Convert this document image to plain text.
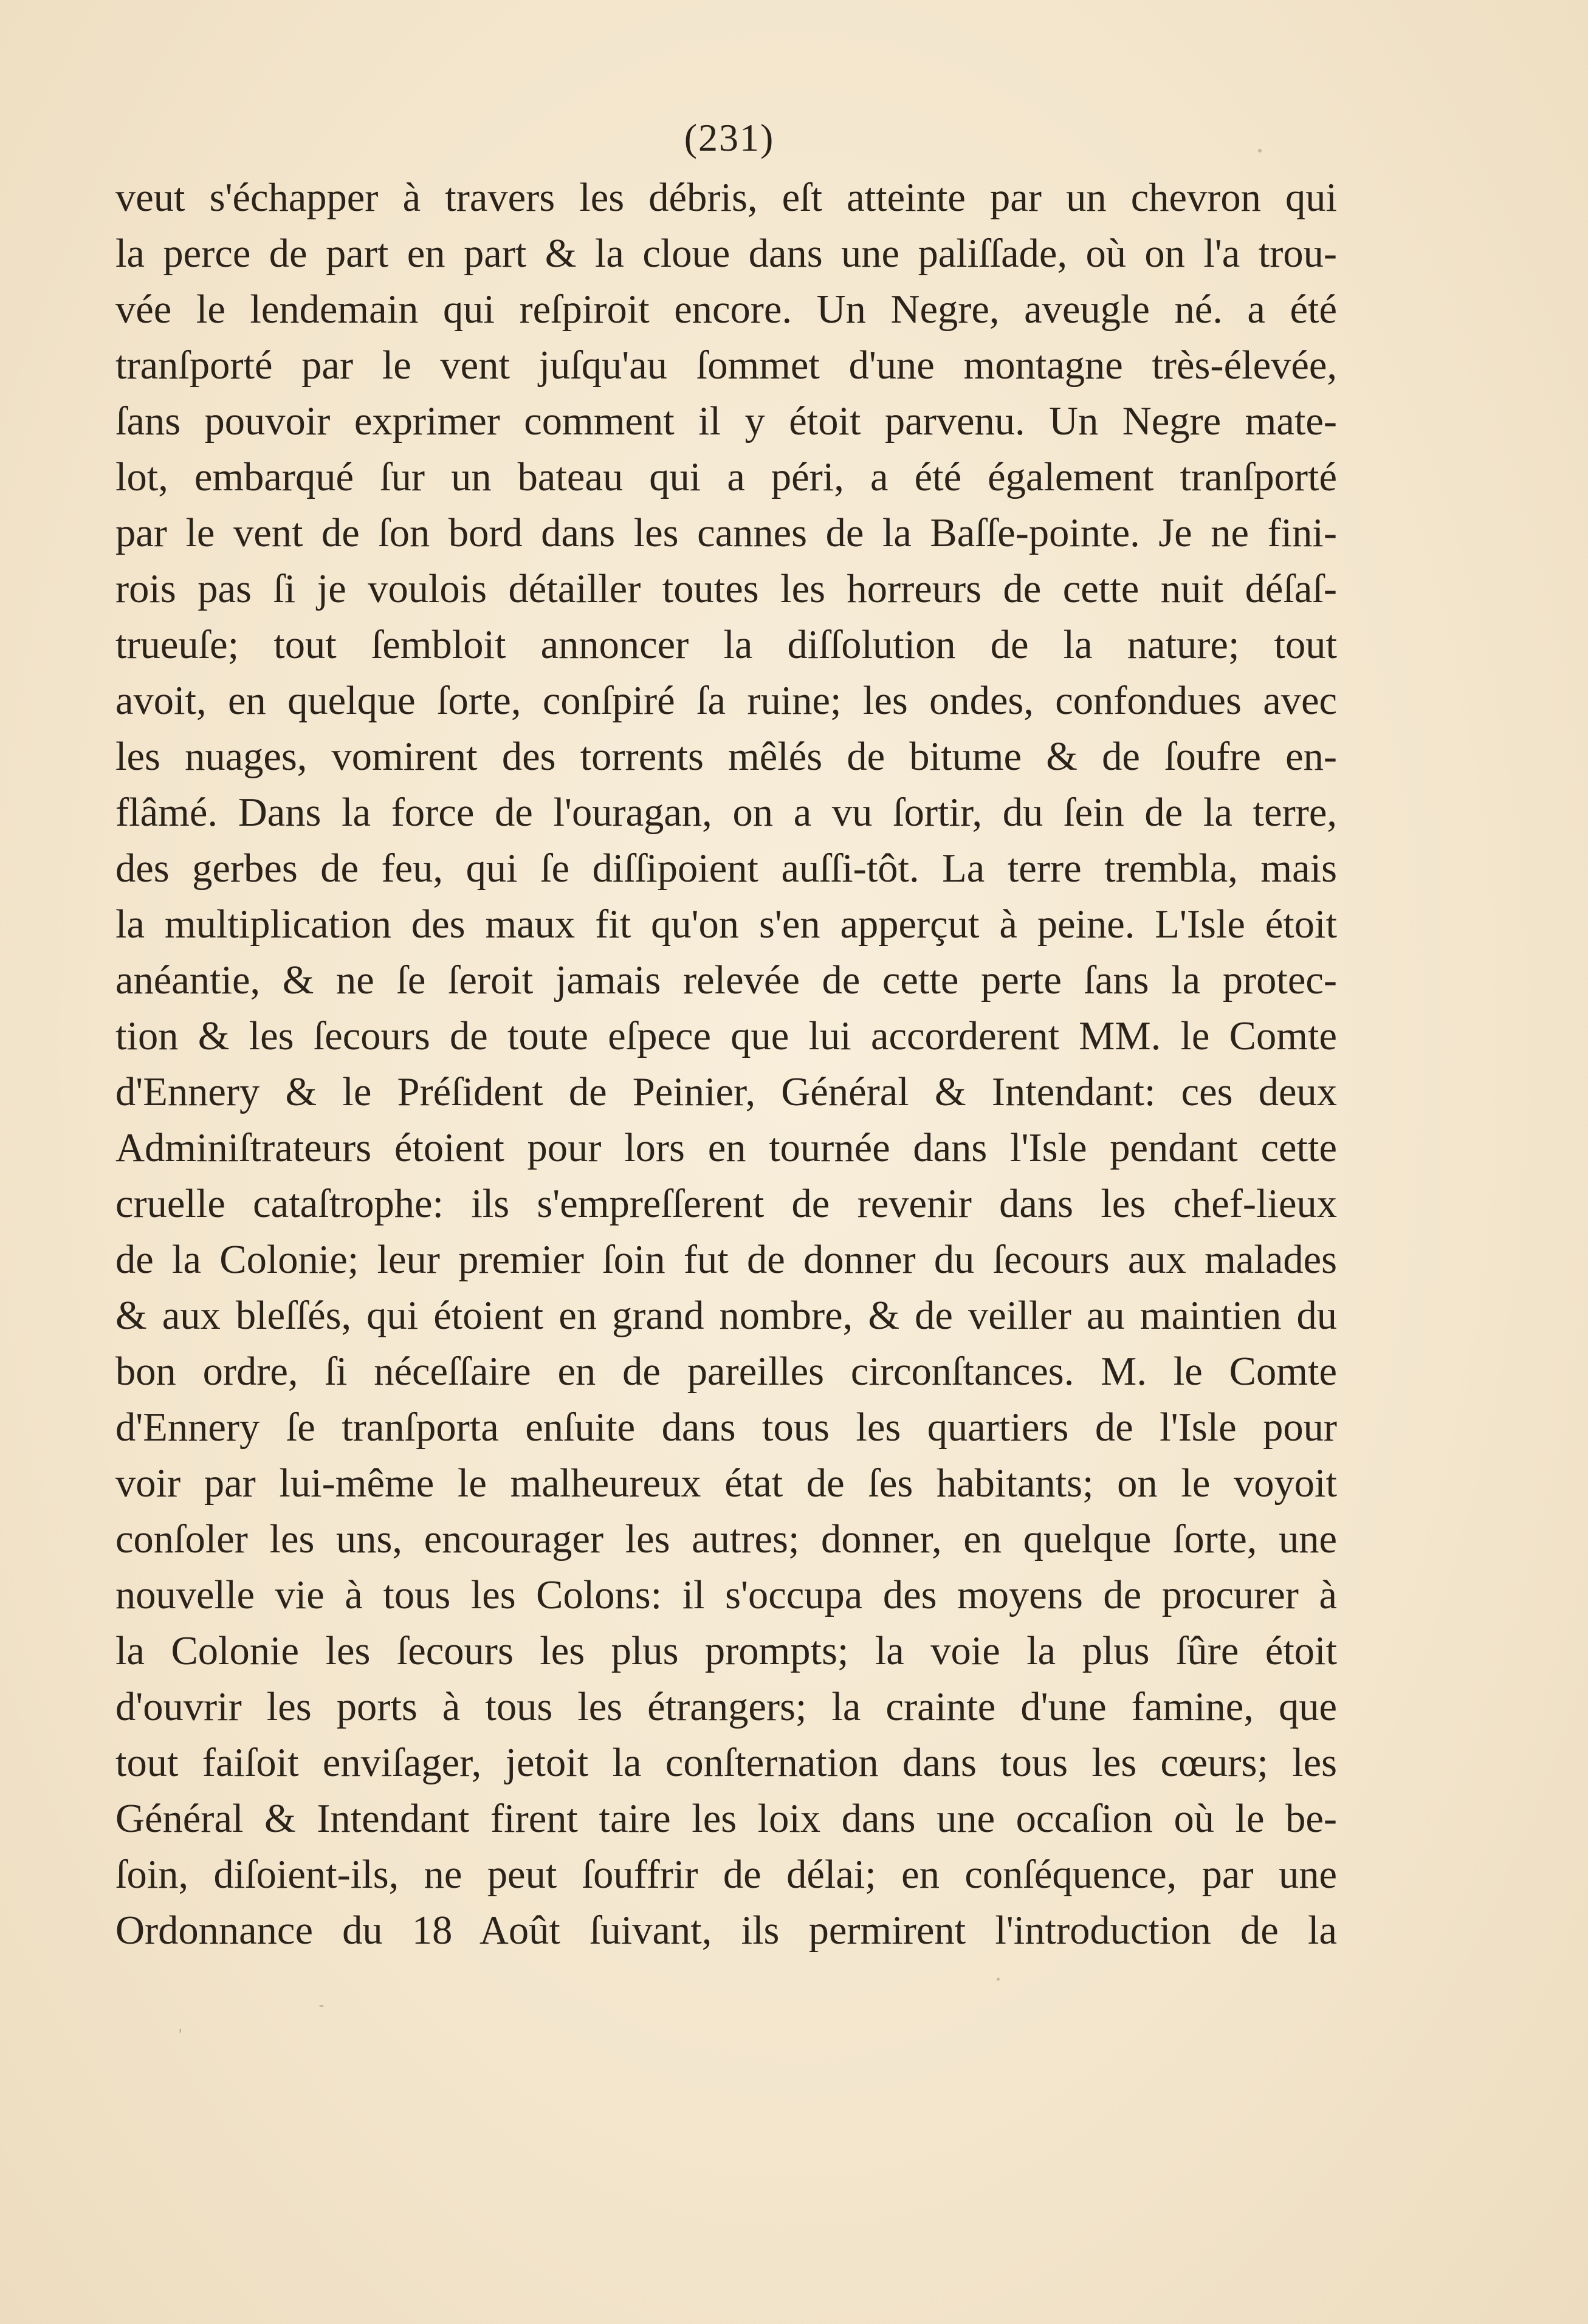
(231)
veut s'échapper à travers les débris, eſt atteinte par un chevron qui
la perce de part en part & la cloue dans une paliſſade, où on l'a trou-
vée le lendemain qui reſpiroit encore. Un Negre, aveugle né. a été
tranſporté par le vent juſqu'au ſommet d'une montagne très-élevée,
ſans pouvoir exprimer comment il y étoit parvenu. Un Negre mate-
lot, embarqué ſur un bateau qui a péri, a été également tranſporté
par le vent de ſon bord dans les cannes de la Baſſe-pointe. Je ne fini-
rois pas ſi je voulois détailler toutes les horreurs de cette nuit déſaſ-
trueuſe; tout ſembloit annoncer la diſſolution de la nature; tout
avoit, en quelque ſorte, conſpiré ſa ruine; les ondes, confondues avec
les nuages, vomirent des torrents mêlés de bitume & de ſoufre en-
flâmé. Dans la force de l'ouragan, on a vu ſortir, du ſein de la terre,
des gerbes de feu, qui ſe diſſipoient auſſi-tôt. La terre trembla, mais
la multiplication des maux fit qu'on s'en apperçut à peine. L'Isle étoit
anéantie, & ne ſe ſeroit jamais relevée de cette perte ſans la protec-
tion & les ſecours de toute eſpece que lui accorderent MM. le Comte
d'Ennery & le Préſident de Peinier, Général & Intendant: ces deux
Adminiſtrateurs étoient pour lors en tournée dans l'Isle pendant cette
cruelle cataſtrophe: ils s'empreſſerent de revenir dans les chef-lieux
de la Colonie; leur premier ſoin fut de donner du ſecours aux malades
& aux bleſſés, qui étoient en grand nombre, & de veiller au maintien du
bon ordre, ſi néceſſaire en de pareilles circonſtances. M. le Comte
d'Ennery ſe tranſporta enſuite dans tous les quartiers de l'Isle pour
voir par lui-même le malheureux état de ſes habitants; on le voyoit
conſoler les uns, encourager les autres; donner, en quelque ſorte, une
nouvelle vie à tous les Colons: il s'occupa des moyens de procurer à
la Colonie les ſecours les plus prompts; la voie la plus ſûre étoit
d'ouvrir les ports à tous les étrangers; la crainte d'une famine, que
tout faiſoit enviſager, jetoit la conſternation dans tous les cœurs; les
Général & Intendant firent taire les loix dans une occaſion où le be-
ſoin, diſoient-ils, ne peut ſouffrir de délai; en conſéquence, par une
Ordonnance du 18 Août ſuivant, ils permirent l'introduction de la
ˈ
